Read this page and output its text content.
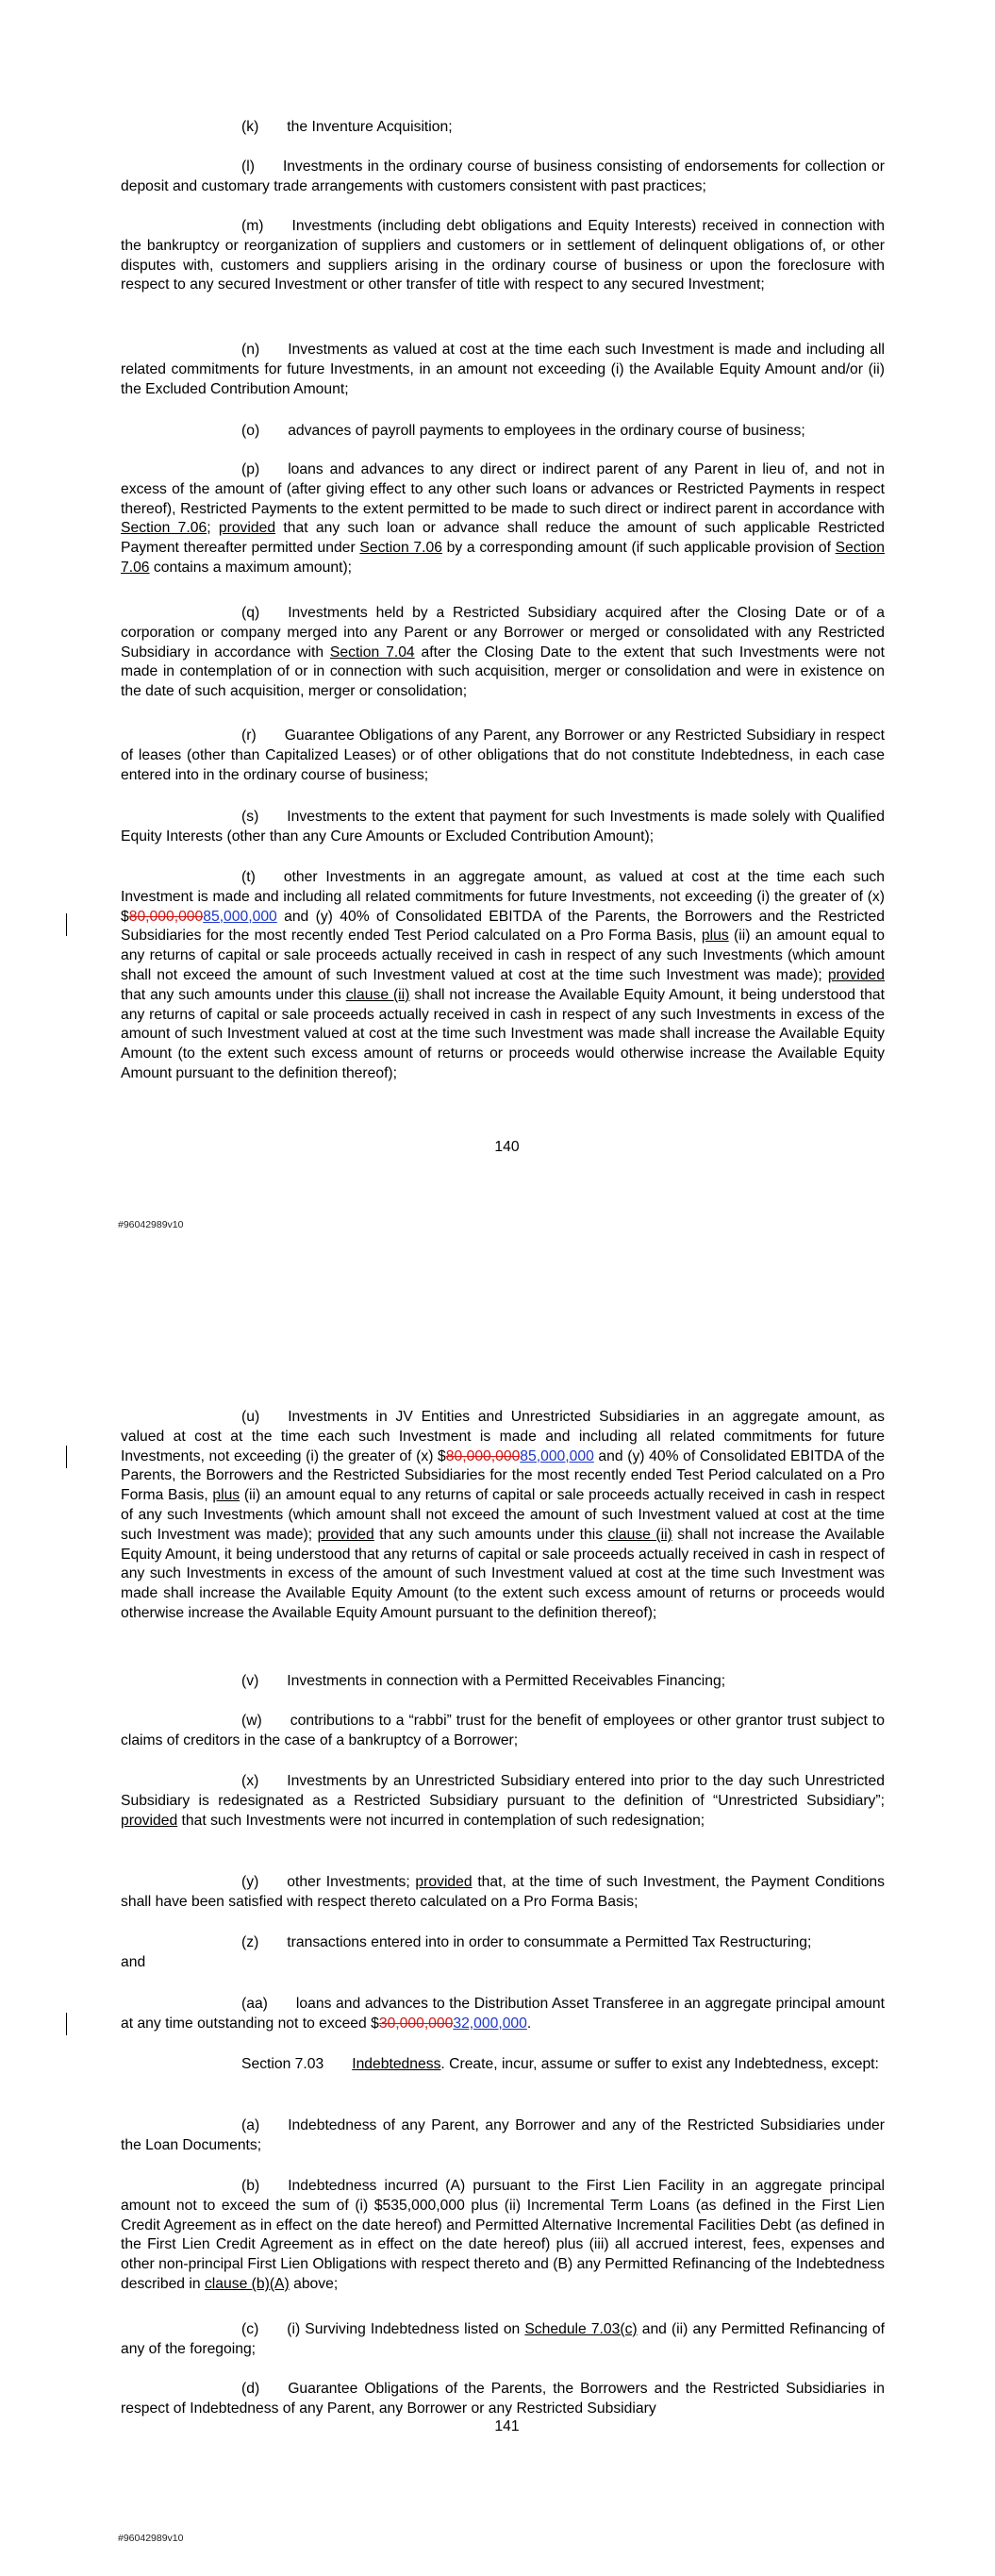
(k) the Inventure Acquisition;

(l) Investments in the ordinary course of business consisting of endorsements for collection or deposit and customary trade arrangements with customers consistent with past practices;

(m) Investments (including debt obligations and Equity Interests) received in connection with the bankruptcy or reorganization of suppliers and customers or in settlement of delinquent obligations of, or other disputes with, customers and suppliers arising in the ordinary course of business or upon the foreclosure with respect to any secured Investment or other transfer of title with respect to any secured Investment;

(n) Investments as valued at cost at the time each such Investment is made and including all related commitments for future Investments, in an amount not exceeding (i) the Available Equity Amount and/or (ii) the Excluded Contribution Amount;

(o) advances of payroll payments to employees in the ordinary course of business;

(p) loans and advances to any direct or indirect parent of any Parent in lieu of, and not in excess of the amount of (after giving effect to any other such loans or advances or Restricted Payments in respect thereof), Restricted Payments to the extent permitted to be made to such direct or indirect parent in accordance with Section 7.06; provided that any such loan or advance shall reduce the amount of such applicable Restricted Payment thereafter permitted under Section 7.06 by a corresponding amount (if such applicable provision of Section 7.06 contains a maximum amount);

(q) Investments held by a Restricted Subsidiary acquired after the Closing Date or of a corporation or company merged into any Parent or any Borrower or merged or consolidated with any Restricted Subsidiary in accordance with Section 7.04 after the Closing Date to the extent that such Investments were not made in contemplation of or in connection with such acquisition, merger or consolidation and were in existence on the date of such acquisition, merger or consolidation;

(r) Guarantee Obligations of any Parent, any Borrower or any Restricted Subsidiary in respect of leases (other than Capitalized Leases) or of other obligations that do not constitute Indebtedness, in each case entered into in the ordinary course of business;

(s) Investments to the extent that payment for such Investments is made solely with Qualified Equity Interests (other than any Cure Amounts or Excluded Contribution Amount);

(t) other Investments in an aggregate amount, as valued at cost at the time each such Investment is made and including all related commitments for future Investments, not exceeding (i) the greater of (x) $80,000,00085,000,000 and (y) 40% of Consolidated EBITDA of the Parents, the Borrowers and the Restricted Subsidiaries for the most recently ended Test Period calculated on a Pro Forma Basis, plus (ii) an amount equal to any returns of capital or sale proceeds actually received in cash in respect of any such Investments (which amount shall not exceed the amount of such Investment valued at cost at the time such Investment was made); provided that any such amounts under this clause (ii) shall not increase the Available Equity Amount, it being understood that any returns of capital or sale proceeds actually received in cash in respect of any such Investments in excess of the amount of such Investment valued at cost at the time such Investment was made shall increase the Available Equity Amount (to the extent such excess amount of returns or proceeds would otherwise increase the Available Equity Amount pursuant to the definition thereof);

140
#96042989v10

(u) Investments in JV Entities and Unrestricted Subsidiaries in an aggregate amount, as valued at cost at the time each such Investment is made and including all related commitments for future Investments, not exceeding (i) the greater of (x) $80,000,00085,000,000 and (y) 40% of Consolidated EBITDA of the Parents, the Borrowers and the Restricted Subsidiaries for the most recently ended Test Period calculated on a Pro Forma Basis, plus (ii) an amount equal to any returns of capital or sale proceeds actually received in cash in respect of any such Investments (which amount shall not exceed the amount of such Investment valued at cost at the time such Investment was made); provided that any such amounts under this clause (ii) shall not increase the Available Equity Amount, it being understood that any returns of capital or sale proceeds actually received in cash in respect of any such Investments in excess of the amount of such Investment valued at cost at the time such Investment was made shall increase the Available Equity Amount (to the extent such excess amount of returns or proceeds would otherwise increase the Available Equity Amount pursuant to the definition thereof);

(v) Investments in connection with a Permitted Receivables Financing;

(w) contributions to a “rabbi” trust for the benefit of employees or other grantor trust subject to claims of creditors in the case of a bankruptcy of a Borrower;

(x) Investments by an Unrestricted Subsidiary entered into prior to the day such Unrestricted Subsidiary is redesignated as a Restricted Subsidiary pursuant to the definition of “Unrestricted Subsidiary”; provided that such Investments were not incurred in contemplation of such redesignation;

(y) other Investments; provided that, at the time of such Investment, the Payment Conditions shall have been satisfied with respect thereto calculated on a Pro Forma Basis;

(z) transactions entered into in order to consummate a Permitted Tax Restructuring;
and

(aa) loans and advances to the Distribution Asset Transferee in an aggregate principal amount at any time outstanding not to exceed $30,000,00032,000,000.

Section 7.03 Indebtedness. Create, incur, assume or suffer to exist any Indebtedness, except:

(a) Indebtedness of any Parent, any Borrower and any of the Restricted Subsidiaries under the Loan Documents;

(b) Indebtedness incurred (A) pursuant to the First Lien Facility in an aggregate principal amount not to exceed the sum of (i) $535,000,000 plus (ii) Incremental Term Loans (as defined in the First Lien Credit Agreement as in effect on the date hereof) and Permitted Alternative Incremental Facilities Debt (as defined in the First Lien Credit Agreement as in effect on the date hereof) plus (iii) all accrued interest, fees, expenses and other non-principal First Lien Obligations with respect thereto and (B) any Permitted Refinancing of the Indebtedness described in clause (b)(A) above;

(c) (i) Surviving Indebtedness listed on Schedule 7.03(c) and (ii) any Permitted Refinancing of any of the foregoing;

(d) Guarantee Obligations of the Parents, the Borrowers and the Restricted Subsidiaries in respect of Indebtedness of any Parent, any Borrower or any Restricted Subsidiary

141
#96042989v10
